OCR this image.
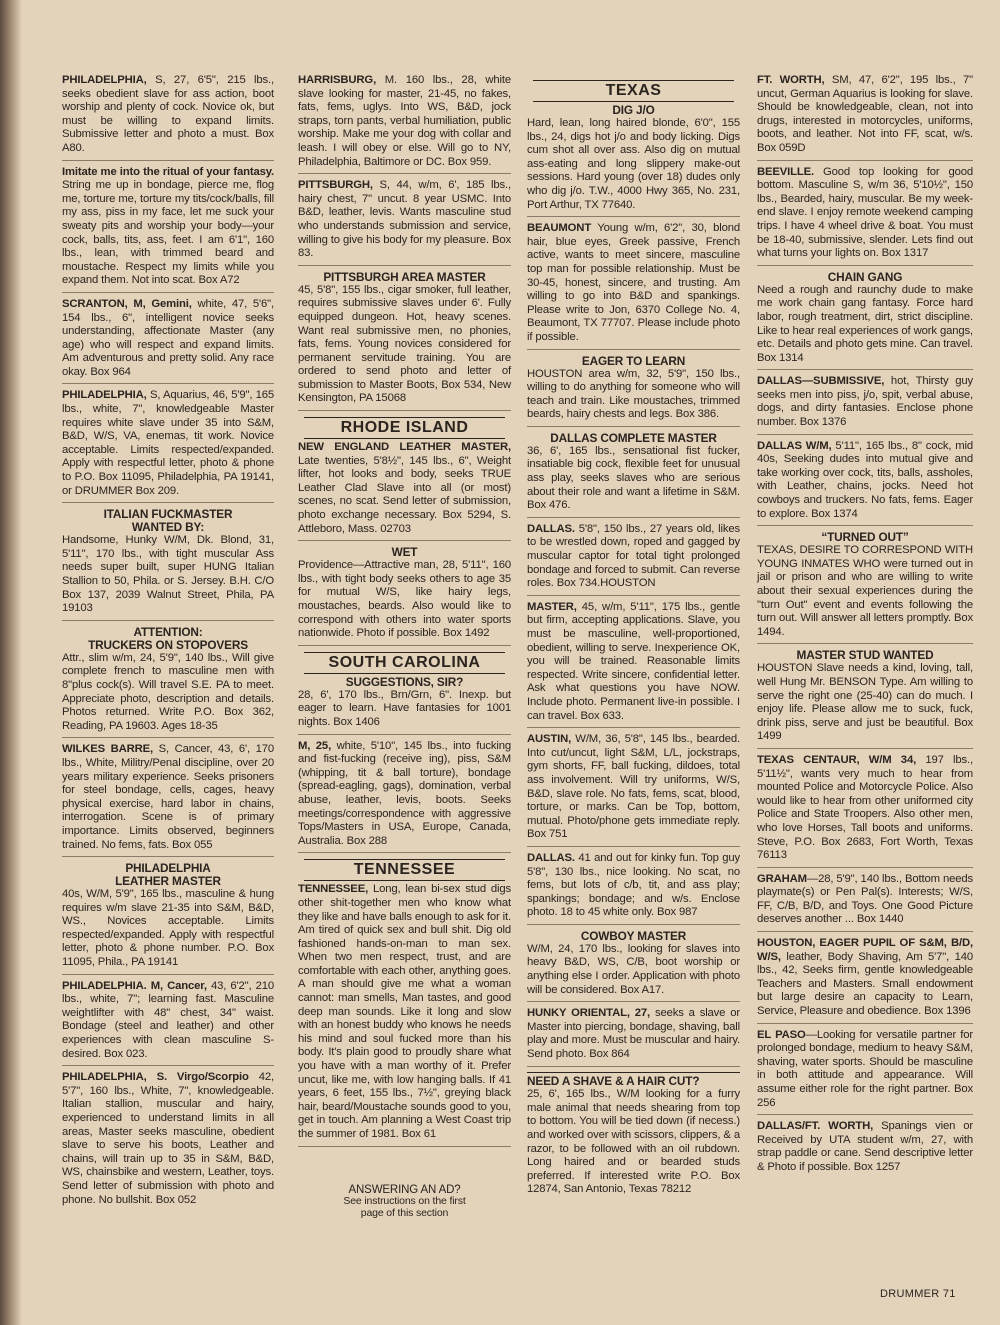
PHILADELPHIA, S, 27, 6'5", 215 lbs., seeks obedient slave for ass action, boot worship and plenty of cock. Novice ok, but must be willing to expand limits. Submissive letter and photo a must. Box A80.
Imitate me into the ritual of your fantasy. String me up in bondage, pierce me, flog me, torture me, torture my tits/cock/balls, fill my ass, piss in my face, let me suck your sweaty pits and worship your body—your cock, balls, tits, ass, feet. I am 6'1", 160 lbs., lean, with trimmed beard and moustache. Respect my limits while you expand them. Not into scat. Box A72
SCRANTON, M, Gemini, white, 47, 5'6", 154 lbs., 6", intelligent novice seeks understanding, affectionate Master (any age) who will respect and expand limits. Am adventurous and pretty solid. Any race okay. Box 964
PHILADELPHIA, S, Aquarius, 46, 5'9", 165 lbs., white, 7", knowledgeable Master requires white slave under 35 into S&M, B&D, W/S, VA, enemas, tit work. Novice acceptable. Limits respected/expanded. Apply with respectful letter, photo & phone to P.O. Box 11095, Philadelphia, PA 19141, or DRUMMER Box 209.
ITALIAN FUCKMASTER
WANTED BY:
Handsome, Hunky W/M, Dk. Blond, 31, 5'11", 170 lbs., with tight muscular Ass needs super built, super HUNG Italian Stallion to 50, Phila. or S. Jersey. B.H. C/O Box 137, 2039 Walnut Street, Phila, PA 19103
ATTENTION:
TRUCKERS ON STOPOVERS
Attr., slim w/m, 24, 5'9", 140 lbs., Will give complete french to masculine men with 8"plus cock(s). Will travel S.E. PA to meet. Appreciate photo, description and details. Photos returned. Write P.O. Box 362, Reading, PA 19603. Ages 18-35
WILKES BARRE, S, Cancer, 43, 6', 170 lbs., White, Militry/Penal discipline, over 20 years military experience. Seeks prisoners for steel bondage, cells, cages, heavy physical exercise, hard labor in chains, interrogation. Scene is of primary importance. Limits observed, beginners trained. No fems, fats. Box 055
PHILADELPHIA
LEATHER MASTER
40s, W/M, 5'9", 165 lbs., masculine & hung requires w/m slave 21-35 into S&M, B&D, WS., Novices acceptable. Limits respected/expanded. Apply with respectful letter, photo & phone number. P.O. Box 11095, Phila., PA 19141
PHILADELPHIA. M, Cancer, 43, 6'2", 210 lbs., white, 7"; learning fast. Masculine weightlifter with 48" chest, 34" waist. Bondage (steel and leather) and other experiences with clean masculine S-desired. Box 023.
PHILADELPHIA, S. Virgo/Scorpio 42, 5'7", 160 lbs., White, 7", knowledgeable. Italian stallion, muscular and hairy, experienced to understand limits in all areas, Master seeks masculine, obedient slave to serve his boots, Leather and chains, will train up to 35 in S&M, B&D, WS, chainsbike and western, Leather, toys. Send letter of submission with photo and phone. No bullshit. Box 052
HARRISBURG, M. 160 lbs., 28, white slave looking for master, 21-45, no fakes, fats, fems, uglys. Into WS, B&D, jock straps, torn pants, verbal humiliation, public worship. Make me your dog with collar and leash. I will obey or else. Will go to NY, Philadelphia, Baltimore or DC. Box 959.
PITTSBURGH, S, 44, w/m, 6', 185 lbs., hairy chest, 7" uncut. 8 year USMC. Into B&D, leather, levis. Wants masculine stud who understands submission and service, willing to give his body for my pleasure. Box 83.
PITTSBURGH AREA MASTER
45, 5'8", 155 lbs., cigar smoker, full leather, requires submissive slaves under 6'. Fully equipped dungeon. Hot, heavy scenes. Want real submissive men, no phonies, fats, fems. Young novices considered for permanent servitude training. You are ordered to send photo and letter of submission to Master Boots, Box 534, New Kensington, PA 15068
RHODE ISLAND
NEW ENGLAND LEATHER MASTER, Late twenties, 5'8½", 145 lbs., 6", Weight lifter, hot looks and body, seeks TRUE Leather Clad Slave into all (or most) scenes, no scat. Send letter of submission, photo exchange necessary. Box 5294, S. Attleboro, Mass. 02703
WET
Providence—Attractive man, 28, 5'11", 160 lbs., with tight body seeks others to age 35 for mutual W/S, like hairy legs, moustaches, beards. Also would like to correspond with others into water sports nationwide. Photo if possible. Box 1492
SOUTH CAROLINA
SUGGESTIONS, SIR?
28, 6', 170 lbs., Brn/Grn, 6". Inexp. but eager to learn. Have fantasies for 1001 nights. Box 1406
M, 25, white, 5'10", 145 lbs., into fucking and fist-fucking (receive ing), piss, S&M (whipping, tit & ball torture), bondage (spread-eagling, gags), domination, verbal abuse, leather, levis, boots. Seeks meetings/correspondence with aggressive Tops/Masters in USA, Europe, Canada, Australia. Box 288
TENNESSEE
TENNESSEE, Long, lean bi-sex stud digs other shit-together men who know what they like and have balls enough to ask for it. Am tired of quick sex and bull shit. Dig old fashioned hands-on-man to man sex. When two men respect, trust, and are comfortable with each other, anything goes. A man should give me what a woman cannot: man smells, Man tastes, and good deep man sounds. Like it long and slow with an honest buddy who knows he needs his mind and soul fucked more than his body. It's plain good to proudly share what you have with a man worthy of it. Prefer uncut, like me, with low hanging balls. If 41 years, 6 feet, 155 lbs., 7½", greying black hair, beard/Moustache sounds good to you, get in touch. Am planning a West Coast trip the summer of 1981. Box 61
ANSWERING AN AD?
See instructions on the first
page of this section
TEXAS
DIG J/O
Hard, lean, long haired blonde, 6'0", 155 lbs., 24, digs hot j/o and body licking. Digs cum shot all over ass. Also dig on mutual ass-eating and long slippery make-out sessions. Hard young (over 18) dudes only who dig j/o. T.W., 4000 Hwy 365, No. 231, Port Arthur, TX 77640.
BEAUMONT Young w/m, 6'2", 30, blond hair, blue eyes, Greek passive, French active, wants to meet sincere, masculine top man for possible relationship. Must be 30-45, honest, sincere, and trusting. Am willing to go into B&D and spankings. Please write to Jon, 6370 College No. 4, Beaumont, TX 77707. Please include photo if possible.
EAGER TO LEARN
HOUSTON area w/m, 32, 5'9", 150 lbs., willing to do anything for someone who will teach and train. Like moustaches, trimmed beards, hairy chests and legs. Box 386.
DALLAS COMPLETE MASTER
36, 6', 165 lbs., sensational fist fucker, insatiable big cock, flexible feet for unusual ass play, seeks slaves who are serious about their role and want a lifetime in S&M. Box 476.
DALLAS. 5'8", 150 lbs., 27 years old, likes to be wrestled down, roped and gagged by muscular captor for total tight prolonged bondage and forced to submit. Can reverse roles. Box 734.HOUSTON
MASTER, 45, w/m, 5'11", 175 lbs., gentle but firm, accepting applications. Slave, you must be masculine, well-proportioned, obedient, willing to serve. Inexperience OK, you will be trained. Reasonable limits respected. Write sincere, confidential letter. Ask what questions you have NOW. Include photo. Permanent live-in possible. I can travel. Box 633.
AUSTIN, W/M, 36, 5'8", 145 lbs., bearded. Into cut/uncut, light S&M, L/L, jockstraps, gym shorts, FF, ball fucking, dildoes, total ass involvement. Will try uniforms, W/S, B&D, slave role. No fats, fems, scat, blood, torture, or marks. Can be Top, bottom, mutual. Photo/phone gets immediate reply. Box 751
DALLAS. 41 and out for kinky fun. Top guy 5'8", 130 lbs., nice looking. No scat, no fems, but lots of c/b, tit, and ass play; spankings; bondage; and w/s. Enclose photo. 18 to 45 white only. Box 987
COWBOY MASTER
W/M, 24, 170 lbs., looking for slaves into heavy B&D, WS, C/B, boot worship or anything else I order. Application with photo will be considered. Box A17.
HUNKY ORIENTAL, 27, seeks a slave or Master into piercing, bondage, shaving, ball play and more. Must be muscular and hairy. Send photo. Box 864
NEED A SHAVE & A HAIR CUT?
25, 6', 165 lbs., W/M looking for a furry male animal that needs shearing from top to bottom. You will be tied down (if necess.) and worked over with scissors, clippers, & a razor, to be followed with an oil rubdown. Long haired and or bearded studs preferred. If interested write P.O. Box 12874, San Antonio, Texas 78212
FT. WORTH, SM, 47, 6'2", 195 lbs., 7" uncut, German Aquarius is looking for slave. Should be knowledgeable, clean, not into drugs, interested in motorcycles, uniforms, boots, and leather. Not into FF, scat, w/s. Box 059D
BEEVILLE. Good top looking for good bottom. Masculine S, w/m 36, 5'10½", 150 lbs., Bearded, hairy, muscular. Be my week-end slave. I enjoy remote weekend camping trips. I have 4 wheel drive & boat. You must be 18-40, submissive, slender. Lets find out what turns your lights on. Box 1317
CHAIN GANG
Need a rough and raunchy dude to make me work chain gang fantasy. Force hard labor, rough treatment, dirt, strict discipline. Like to hear real experiences of work gangs, etc. Details and photo gets mine. Can travel. Box 1314
DALLAS—SUBMISSIVE, hot, Thirsty guy seeks men into piss, j/o, spit, verbal abuse, dogs, and dirty fantasies. Enclose phone number. Box 1376
DALLAS W/M, 5'11", 165 lbs., 8" cock, mid 40s, Seeking dudes into mutual give and take working over cock, tits, balls, assholes, with Leather, chains, jocks. Need hot cowboys and truckers. No fats, fems. Eager to explore. Box 1374
“TURNED OUT”
TEXAS, DESIRE TO CORRESPOND WITH YOUNG INMATES WHO were turned out in jail or prison and who are willing to write about their sexual experiences during the "turn Out" event and events following the turn out. Will answer all letters promptly. Box 1494.
MASTER STUD WANTED
HOUSTON Slave needs a kind, loving, tall, well Hung Mr. BENSON Type. Am willing to serve the right one (25-40) can do much. I enjoy life. Please allow me to suck, fuck, drink piss, serve and just be beautiful. Box 1499
TEXAS CENTAUR, W/M 34, 197 lbs., 5'11½", wants very much to hear from mounted Police and Motorcycle Police. Also would like to hear from other uniformed city Police and State Troopers. Also other men, who love Horses, Tall boots and uniforms. Steve, P.O. Box 2683, Fort Worth, Texas 76113
GRAHAM—28, 5'9", 140 lbs., Bottom needs playmate(s) or Pen Pal(s). Interests; W/S, FF, C/B, B/D, and Toys. One Good Picture deserves another ... Box 1440
HOUSTON, EAGER PUPIL OF S&M, B/D, W/S, leather, Body Shaving, Am 5'7", 140 lbs., 42, Seeks firm, gentle knowledgeable Teachers and Masters. Small endowment but large desire an capacity to Learn, Service, Pleasure and obedience. Box 1396
EL PASO—Looking for versatile partner for prolonged bondage, medium to heavy S&M, shaving, water sports. Should be masculine in both attitude and appearance. Will assume either role for the right partner. Box 256
DALLAS/FT. WORTH, Spanings vien or Received by UTA student w/m, 27, with strap paddle or cane. Send descriptive letter & Photo if possible. Box 1257
DRUMMER 71
